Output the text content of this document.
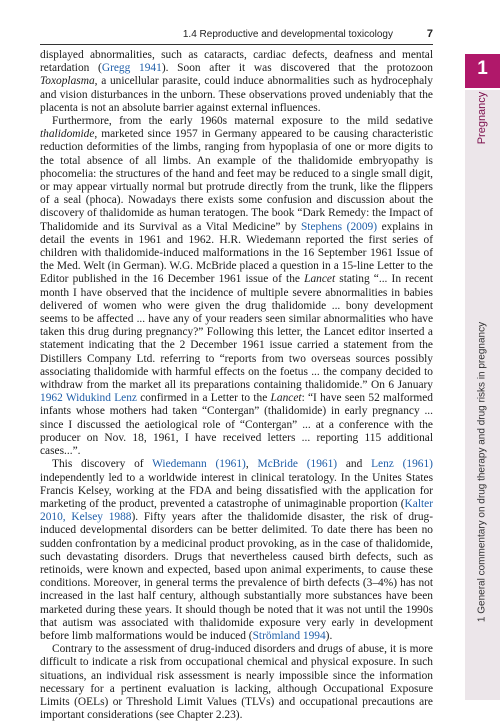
1.4 Reproductive and developmental toxicology	7
1
Pregnancy
1 General commentary on drug therapy and drug risks in pregnancy

displayed abnormalities, such as cataracts, cardiac defects, deafness and mental retardation (Gregg 1941). Soon after it was discovered that the protozoon Toxoplasma, a unicellular parasite, could induce abnormalities such as hydrocephaly and vision disturbances in the unborn. These observations proved undeniably that the placenta is not an absolute barrier against external influences.

Furthermore, from the early 1960s maternal exposure to the mild sedative thalidomide, marketed since 1957 in Germany appeared to be causing characteristic reduction deformities of the limbs, ranging from hypoplasia of one or more digits to the total absence of all limbs. An example of the thalidomide embryopathy is phocomelia: the structures of the hand and feet may be reduced to a single small digit, or may appear virtually normal but protrude directly from the trunk, like the flippers of a seal (phoca). Nowadays there exists some confusion and discussion about the discovery of thalidomide as human teratogen. The book “Dark Remedy: the Impact of Thalidomide and its Survival as a Vital Medicine” by Stephens (2009) explains in detail the events in 1961 and 1962. H.R. Wiedemann reported the first series of children with thalidomide-induced malformations in the 16 September 1961 Issue of the Med. Welt (in German). W.G. McBride placed a question in a 15-line Letter to the Editor published in the 16 December 1961 issue of the Lancet stating “... In recent month I have observed that the incidence of multiple severe abnormalities in babies delivered of women who were given the drug thalidomide ... bony development seems to be affected ... have any of your readers seen similar abnormalities who have taken this drug during pregnancy?” Following this letter, the Lancet editor inserted a statement indicating that the 2 December 1961 issue carried a statement from the Distillers Company Ltd. referring to “reports from two overseas sources possibly associating thalidomide with harmful effects on the foetus ... the company decided to withdraw from the market all its preparations containing thalidomide.” On 6 January 1962 Widukind Lenz confirmed in a Letter to the Lancet: “I have seen 52 malformed infants whose mothers had taken “Contergan” (thalidomide) in early pregnancy ... since I discussed the aetiological role of “Contergan” ... at a conference with the producer on Nov. 18, 1961, I have received letters ... reporting 115 additional cases...”.

This discovery of Wiedemann (1961), McBride (1961) and Lenz (1961) independently led to a worldwide interest in clinical teratology. In the Unites States Francis Kelsey, working at the FDA and being dissatisfied with the application for marketing of the product, prevented a catastrophe of unimaginable proportion (Kalter 2010, Kelsey 1988). Fifty years after the thalidomide disaster, the risk of drug-induced developmental disorders can be better delimited. To date there has been no sudden confrontation by a medicinal product provoking, as in the case of thalidomide, such devastating disorders. Drugs that nevertheless caused birth defects, such as retinoids, were known and expected, based upon animal experiments, to cause these conditions. Moreover, in general terms the prevalence of birth defects (3–4%) has not increased in the last half century, although substantially more substances have been marketed during these years. It should though be noted that it was not until the 1990s that autism was associated with thalidomide exposure very early in development before limb malformations would be induced (Strömland 1994).

Contrary to the assessment of drug-induced disorders and drugs of abuse, it is more difficult to indicate a risk from occupational chemical and physical exposure. In such situations, an individual risk assessment is nearly impossible since the information necessary for a pertinent evaluation is lacking, although Occupational Exposure Limits (OELs) or Threshold Limit Values (TLVs) and occupational precautions are important considerations (see Chapter 2.23).
